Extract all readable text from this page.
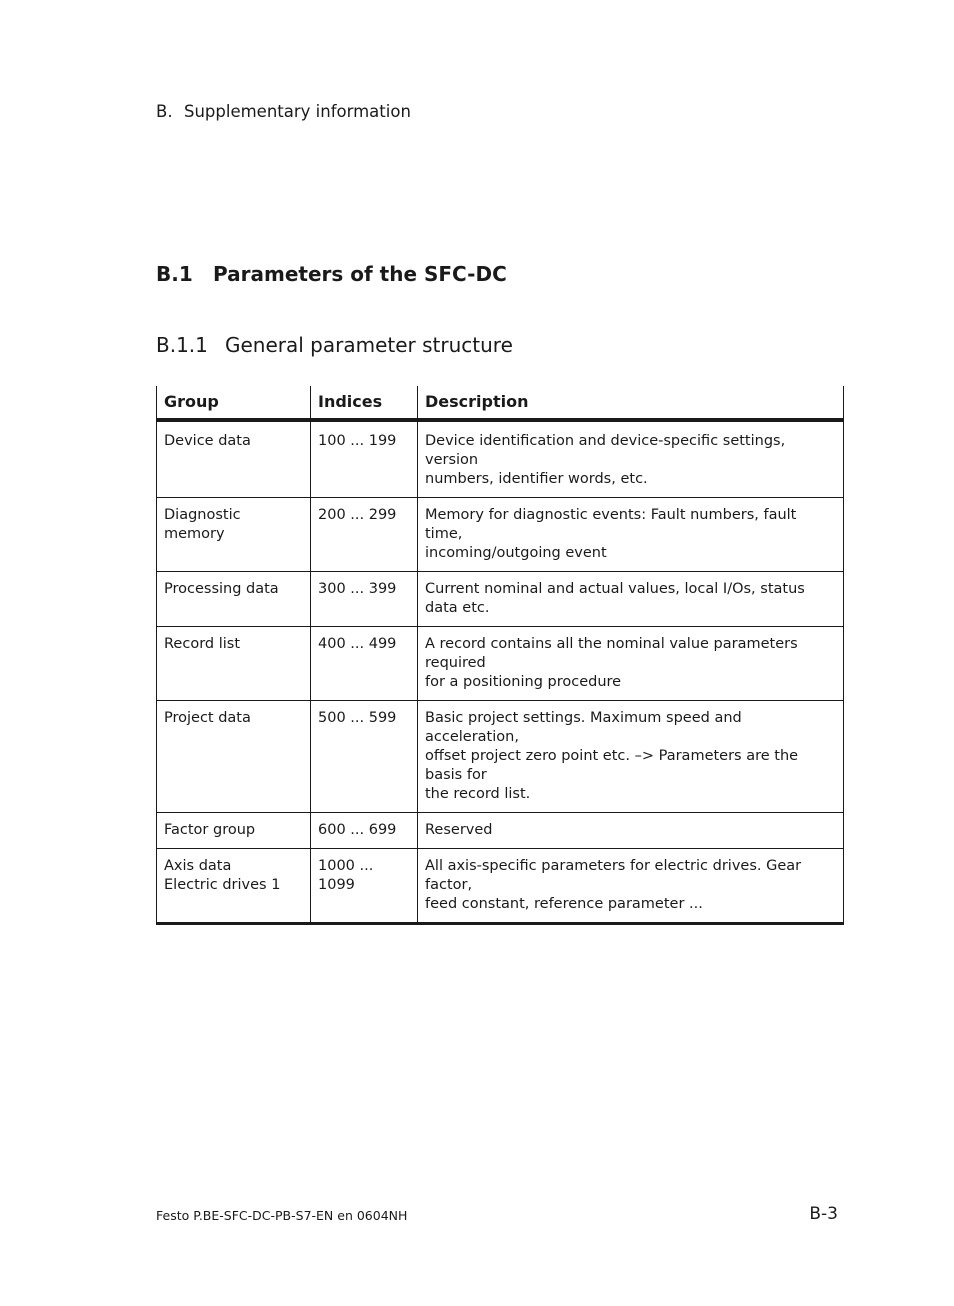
B. Supplementary information
B.1 Parameters of the SFC-DC
B.1.1 General parameter structure
Group	Indices	Description
Device data	100 ... 199	Device identification and device-specific settings, version
numbers, identifier words, etc.
Diagnostic memory	200 ... 299	Memory for diagnostic events: Fault numbers, fault time,
incoming/outgoing event
Processing data	300 ... 399	Current nominal and actual values, local I/Os, status data etc.
Record list	400 ... 499	A record contains all the nominal value parameters required
for a positioning procedure
Project data	500 ... 599	Basic project settings. Maximum speed and acceleration,
offset project zero point etc. –> Parameters are the basis for
the record list.
Factor group	600 ... 699	Reserved
Axis data
Electric drives 1	1000 ... 1099	All axis-specific parameters for electric drives. Gear factor,
feed constant, reference parameter ...
Festo P.BE-SFC-DC-PB-S7-EN en 0604NH	B-3
